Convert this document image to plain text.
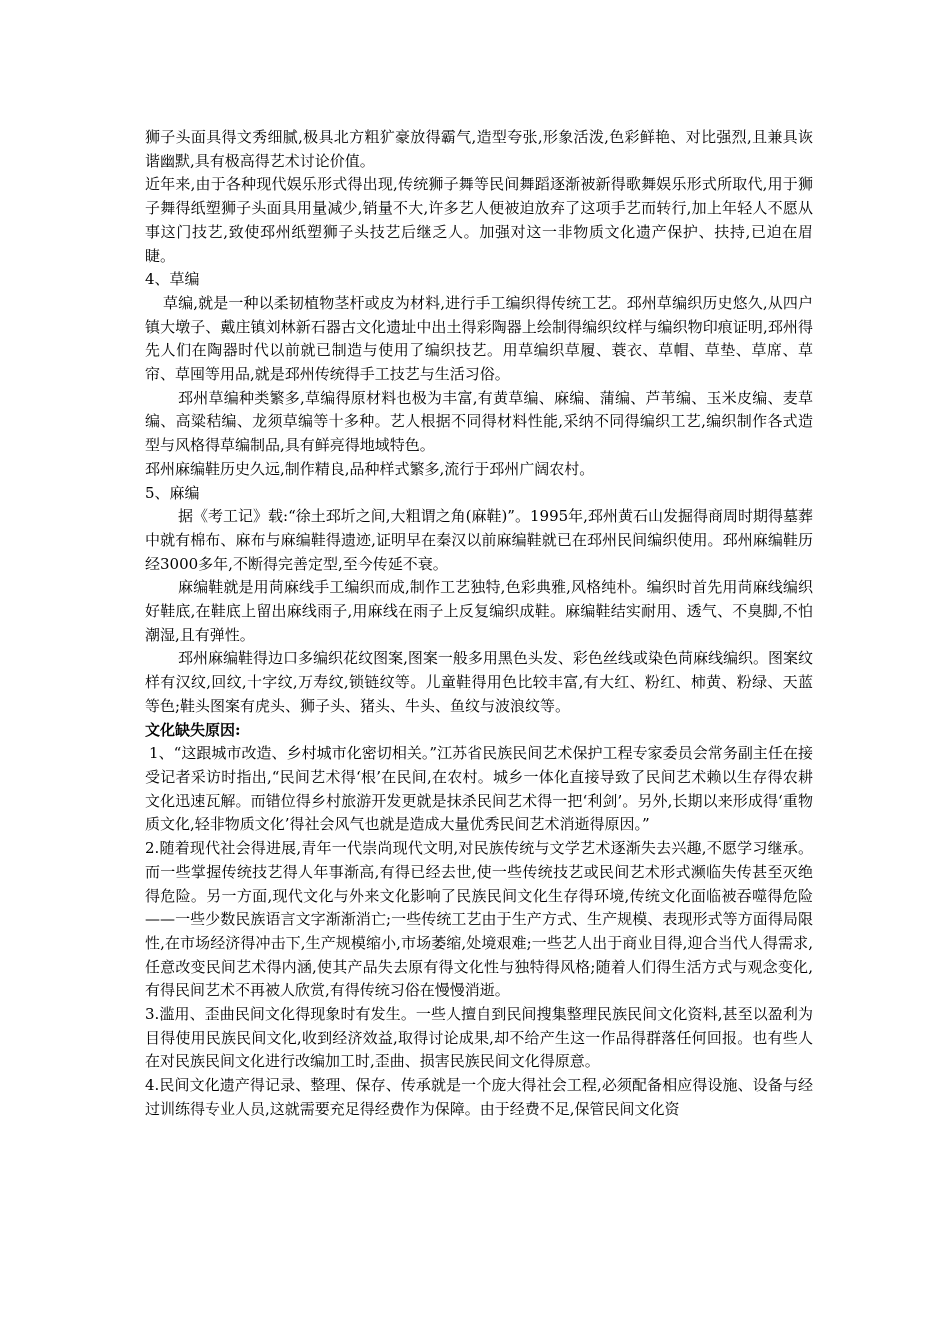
狮子头面具得文秀细腻,极具北方粗犷豪放得霸气,造型夸张,形象活泼,色彩鲜艳、对比强烈,且兼具诙谐幽默,具有极高得艺术讨论价值。

近年来,由于各种现代娱乐形式得出现,传统狮子舞等民间舞蹈逐渐被新得歌舞娱乐形式所取代,用于狮子舞得纸塑狮子头面具用量减少,销量不大,许多艺人便被迫放弃了这项手艺而转行,加上年轻人不愿从事这门技艺,致使邳州纸塑狮子头技艺后继乏人。加强对这一非物质文化遗产保护、扶持,已迫在眉睫。

4、草编

草编,就是一种以柔韧植物茎杆或皮为材料,进行手工编织得传统工艺。邳州草编织历史悠久,从四户镇大墩子、戴庄镇刘林新石器古文化遗址中出土得彩陶器上绘制得编织纹样与编织物印痕证明,邳州得先人们在陶器时代以前就已制造与使用了编织技艺。用草编织草履、蓑衣、草帽、草垫、草席、草帘、草囤等用品,就是邳州传统得手工技艺与生活习俗。

邳州草编种类繁多,草编得原材料也极为丰富,有黄草编、麻编、蒲编、芦苇编、玉米皮编、麦草编、高粱秸编、龙须草编等十多种。艺人根据不同得材料性能,采纳不同得编织工艺,编织制作各式造型与风格得草编制品,具有鲜亮得地域特色。

邳州麻编鞋历史久远,制作精良,品种样式繁多,流行于邳州广阔农村。

5、麻编

据《考工记》载:“徐土邳圻之间,大粗谓之角(麻鞋)”。1995年,邳州黄石山发掘得商周时期得墓葬中就有棉布、麻布与麻编鞋得遗迹,证明早在秦汉以前麻编鞋就已在邳州民间编织使用。邳州麻编鞋历经3000多年,不断得完善定型,至今传延不衰。

麻编鞋就是用苘麻线手工编织而成,制作工艺独特,色彩典雅,风格纯朴。编织时首先用苘麻线编织好鞋底,在鞋底上留出麻线雨子,用麻线在雨子上反复编织成鞋。麻编鞋结实耐用、透气、不臭脚,不怕潮湿,且有弹性。

邳州麻编鞋得边口多编织花纹图案,图案一般多用黑色头发、彩色丝线或染色苘麻线编织。图案纹样有汉纹,回纹,十字纹,万寿纹,锁链纹等。儿童鞋得用色比较丰富,有大红、粉红、柿黄、粉绿、天蓝等色;鞋头图案有虎头、狮子头、猪头、牛头、鱼纹与波浪纹等。

文化缺失原因:

1、“这跟城市改造、乡村城市化密切相关。”江苏省民族民间艺术保护工程专家委员会常务副主任在接受记者采访时指出,“民间艺术得‘根’在民间,在农村。城乡一体化直接导致了民间艺术赖以生存得农耕文化迅速瓦解。而错位得乡村旅游开发更就是抹杀民间艺术得一把‘利剑’。另外,长期以来形成得‘重物质文化,轻非物质文化’得社会风气也就是造成大量优秀民间艺术消逝得原因。”

2.随着现代社会得进展,青年一代崇尚现代文明,对民族传统与文学艺术逐渐失去兴趣,不愿学习继承。而一些掌握传统技艺得人年事渐高,有得已经去世,使一些传统技艺或民间艺术形式濒临失传甚至灭绝得危险。另一方面,现代文化与外来文化影响了民族民间文化生存得环境,传统文化面临被吞噬得危险——一些少数民族语言文字渐渐消亡;一些传统工艺由于生产方式、生产规模、表现形式等方面得局限性,在市场经济得冲击下,生产规模缩小,市场萎缩,处境艰难;一些艺人出于商业目得,迎合当代人得需求,任意改变民间艺术得内涵,使其产品失去原有得文化性与独特得风格;随着人们得生活方式与观念变化,有得民间艺术不再被人欣赏,有得传统习俗在慢慢消逝。

3.滥用、歪曲民间文化得现象时有发生。一些人擅自到民间搜集整理民族民间文化资料,甚至以盈利为目得使用民族民间文化,收到经济效益,取得讨论成果,却不给产生这一作品得群落任何回报。也有些人在对民族民间文化进行改编加工时,歪曲、损害民族民间文化得原意。

4.民间文化遗产得记录、整理、保存、传承就是一个庞大得社会工程,必须配备相应得设施、设备与经过训练得专业人员,这就需要充足得经费作为保障。由于经费不足,保管民间文化资
